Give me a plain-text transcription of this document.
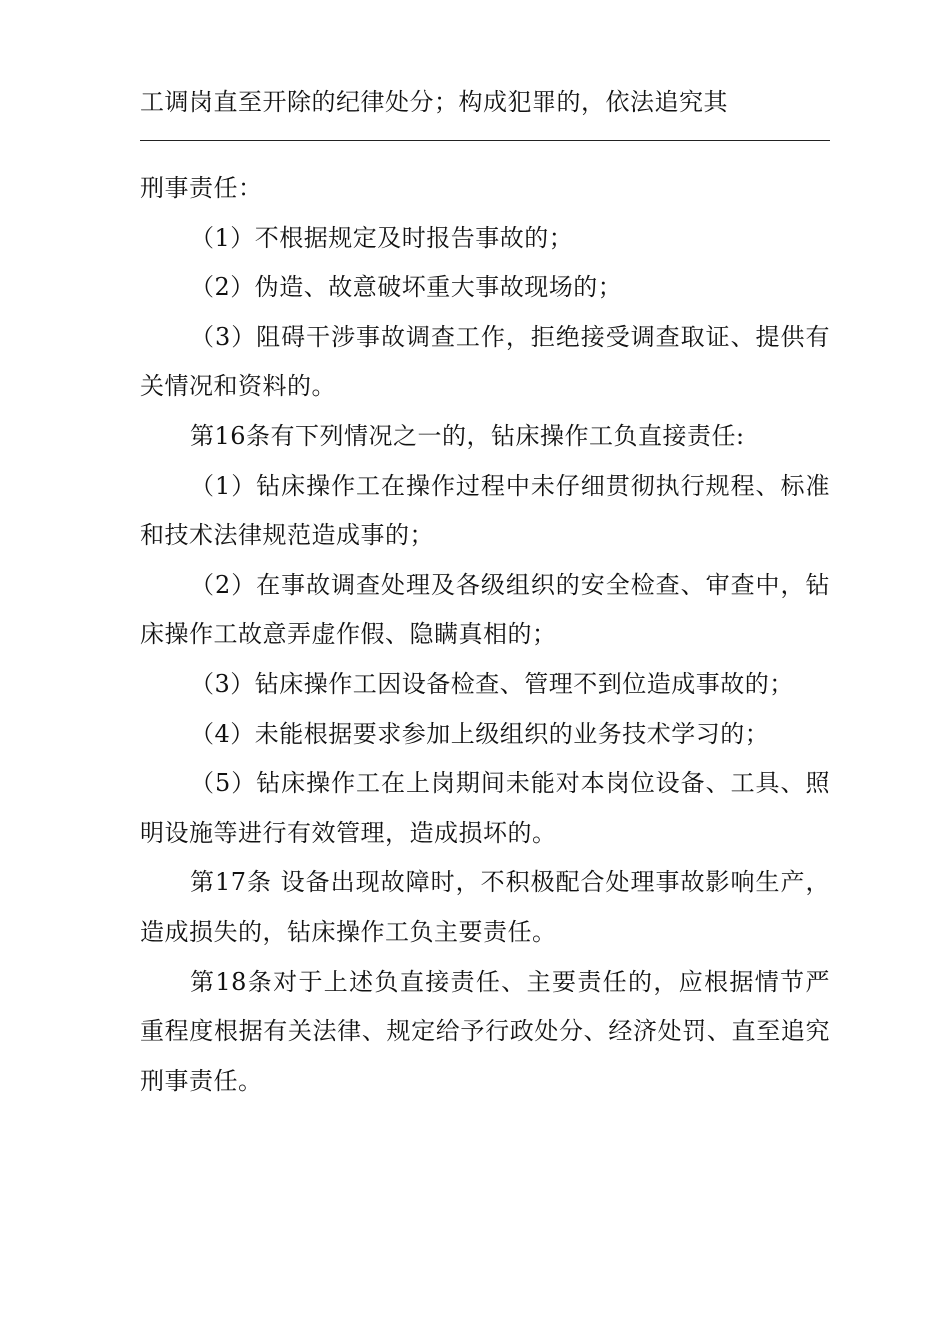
工调岗直至开除的纪律处分；构成犯罪的，依法追究其

刑事责任：

（1）不根据规定及时报告事故的；

（2）伪造、故意破坏重大事故现场的；

（3）阻碍干涉事故调查工作，拒绝接受调查取证、提供有关情况和资料的。

第16条有下列情况之一的，钻床操作工负直接责任:

（1）钻床操作工在操作过程中未仔细贯彻执行规程、标准和技术法律规范造成事的；

（2）在事故调查处理及各级组织的安全检查、审查中，钻床操作工故意弄虚作假、隐瞒真相的；

（3）钻床操作工因设备检查、管理不到位造成事故的；

（4）未能根据要求参加上级组织的业务技术学习的；

（5）钻床操作工在上岗期间未能对本岗位设备、工具、照明设施等进行有效管理，造成损坏的。

第17条 设备出现故障时，不积极配合处理事故影响生产，造成损失的，钻床操作工负主要责任。

第18条对于上述负直接责任、主要责任的，应根据情节严重程度根据有关法律、规定给予行政处分、经济处罚、直至追究刑事责任。
